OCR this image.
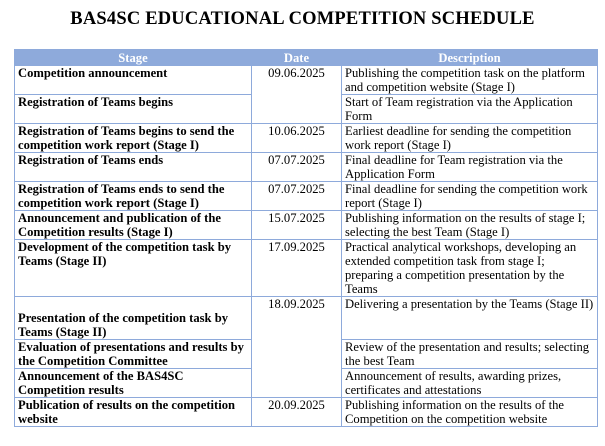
BAS4SC EDUCATIONAL COMPETITION SCHEDULE
Stage	Date	Description
Competition announcement	09.06.2025	Publishing the competition task on the platform and competition website (Stage I)
Registration of Teams begins		Start of Team registration via the Application Form
Registration of Teams begins to send the competition work report (Stage I)	10.06.2025	Earliest deadline for sending the competition work report (Stage I)
Registration of Teams ends	07.07.2025	Final deadline for Team registration via the Application Form
Registration of Teams ends to send the competition work report (Stage I)	07.07.2025	Final deadline for sending the competition work report (Stage I)
Announcement and publication of the Competition results (Stage I)	15.07.2025	Publishing information on the results of stage I; selecting the best Team (Stage I)
Development of the competition task by Teams (Stage II)	17.09.2025	Practical analytical workshops, developing an extended competition task from stage I; preparing a competition presentation by the Teams
Presentation of the competition task by Teams (Stage II)	18.09.2025	Delivering a presentation by the Teams (Stage II)
Evaluation of presentations and results by the Competition Committee		Review of the presentation and results; selecting the best Team
Announcement of the BAS4SC Competition results		Announcement of results, awarding prizes, certificates and attestations
Publication of results on the competition website	20.09.2025	Publishing information on the results of the Competition on the competition website
